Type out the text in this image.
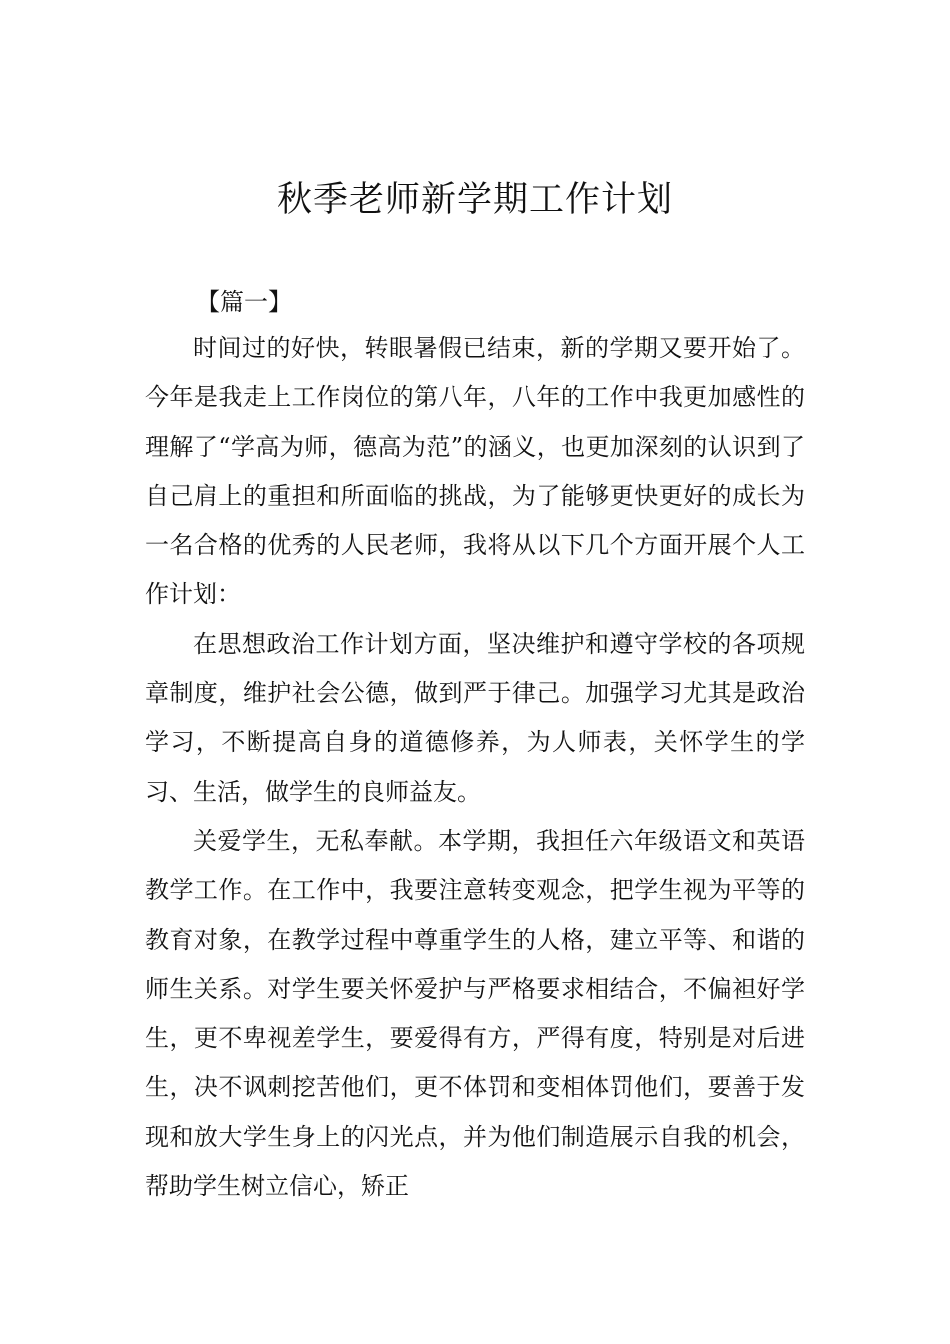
秋季老师新学期工作计划
【篇一】

时间过的好快，转眼暑假已结束，新的学期又要开始了。今年是我走上工作岗位的第八年，八年的工作中我更加感性的理解了“学高为师，德高为范”的涵义，也更加深刻的认识到了自己肩上的重担和所面临的挑战，为了能够更快更好的成长为一名合格的优秀的人民老师，我将从以下几个方面开展个人工作计划：

在思想政治工作计划方面，坚决维护和遵守学校的各项规章制度，维护社会公德，做到严于律己。加强学习尤其是政治学习，不断提高自身的道德修养，为人师表，关怀学生的学习、生活，做学生的良师益友。

关爱学生，无私奉献。本学期，我担任六年级语文和英语教学工作。在工作中，我要注意转变观念，把学生视为平等的教育对象，在教学过程中尊重学生的人格，建立平等、和谐的师生关系。对学生要关怀爱护与严格要求相结合，不偏袒好学生，更不卑视差学生，要爱得有方，严得有度，特别是对后进生，决不讽刺挖苦他们，更不体罚和变相体罚他们，要善于发现和放大学生身上的闪光点，并为他们制造展示自我的机会，帮助学生树立信心，矫正
